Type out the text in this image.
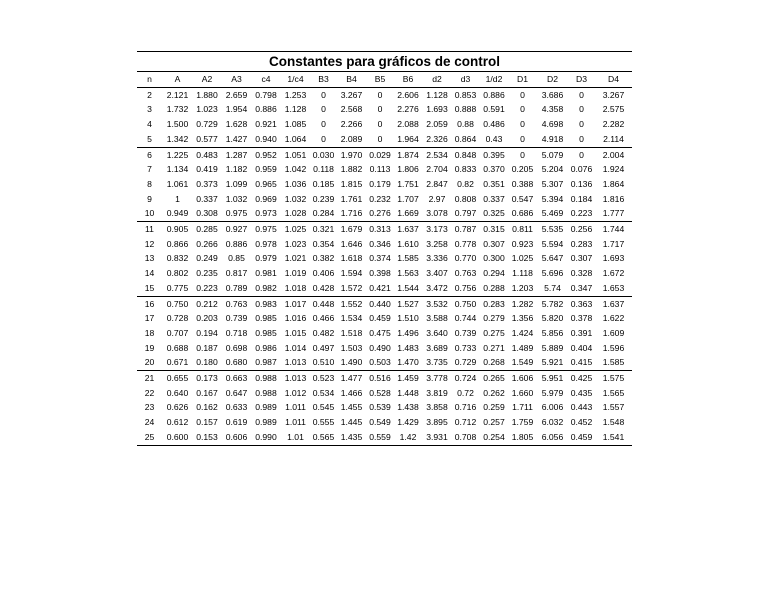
Constantes para gráficos de control
n	A	A2	A3	c4	1/c4	B3	B4	B5	B6	d2	d3	1/d2	D1	D2	D3	D4
2	2.121	1.880	2.659	0.798	1.253	0	3.267	0	2.606	1.128	0.853	0.886	0	3.686	0	3.267
3	1.732	1.023	1.954	0.886	1.128	0	2.568	0	2.276	1.693	0.888	0.591	0	4.358	0	2.575
4	1.500	0.729	1.628	0.921	1.085	0	2.266	0	2.088	2.059	0.88	0.486	0	4.698	0	2.282
5	1.342	0.577	1.427	0.940	1.064	0	2.089	0	1.964	2.326	0.864	0.43	0	4.918	0	2.114
6	1.225	0.483	1.287	0.952	1.051	0.030	1.970	0.029	1.874	2.534	0.848	0.395	0	5.079	0	2.004
7	1.134	0.419	1.182	0.959	1.042	0.118	1.882	0.113	1.806	2.704	0.833	0.370	0.205	5.204	0.076	1.924
8	1.061	0.373	1.099	0.965	1.036	0.185	1.815	0.179	1.751	2.847	0.82	0.351	0.388	5.307	0.136	1.864
9	1	0.337	1.032	0.969	1.032	0.239	1.761	0.232	1.707	2.97	0.808	0.337	0.547	5.394	0.184	1.816
10	0.949	0.308	0.975	0.973	1.028	0.284	1.716	0.276	1.669	3.078	0.797	0.325	0.686	5.469	0.223	1.777
11	0.905	0.285	0.927	0.975	1.025	0.321	1.679	0.313	1.637	3.173	0.787	0.315	0.811	5.535	0.256	1.744
12	0.866	0.266	0.886	0.978	1.023	0.354	1.646	0.346	1.610	3.258	0.778	0.307	0.923	5.594	0.283	1.717
13	0.832	0.249	0.85	0.979	1.021	0.382	1.618	0.374	1.585	3.336	0.770	0.300	1.025	5.647	0.307	1.693
14	0.802	0.235	0.817	0.981	1.019	0.406	1.594	0.398	1.563	3.407	0.763	0.294	1.118	5.696	0.328	1.672
15	0.775	0.223	0.789	0.982	1.018	0.428	1.572	0.421	1.544	3.472	0.756	0.288	1.203	5.74	0.347	1.653
16	0.750	0.212	0.763	0.983	1.017	0.448	1.552	0.440	1.527	3.532	0.750	0.283	1.282	5.782	0.363	1.637
17	0.728	0.203	0.739	0.985	1.016	0.466	1.534	0.459	1.510	3.588	0.744	0.279	1.356	5.820	0.378	1.622
18	0.707	0.194	0.718	0.985	1.015	0.482	1.518	0.475	1.496	3.640	0.739	0.275	1.424	5.856	0.391	1.609
19	0.688	0.187	0.698	0.986	1.014	0.497	1.503	0.490	1.483	3.689	0.733	0.271	1.489	5.889	0.404	1.596
20	0.671	0.180	0.680	0.987	1.013	0.510	1.490	0.503	1.470	3.735	0.729	0.268	1.549	5.921	0.415	1.585
21	0.655	0.173	0.663	0.988	1.013	0.523	1.477	0.516	1.459	3.778	0.724	0.265	1.606	5.951	0.425	1.575
22	0.640	0.167	0.647	0.988	1.012	0.534	1.466	0.528	1.448	3.819	0.72	0.262	1.660	5.979	0.435	1.565
23	0.626	0.162	0.633	0.989	1.011	0.545	1.455	0.539	1.438	3.858	0.716	0.259	1.711	6.006	0.443	1.557
24	0.612	0.157	0.619	0.989	1.011	0.555	1.445	0.549	1.429	3.895	0.712	0.257	1.759	6.032	0.452	1.548
25	0.600	0.153	0.606	0.990	1.01	0.565	1.435	0.559	1.42	3.931	0.708	0.254	1.805	6.056	0.459	1.541
